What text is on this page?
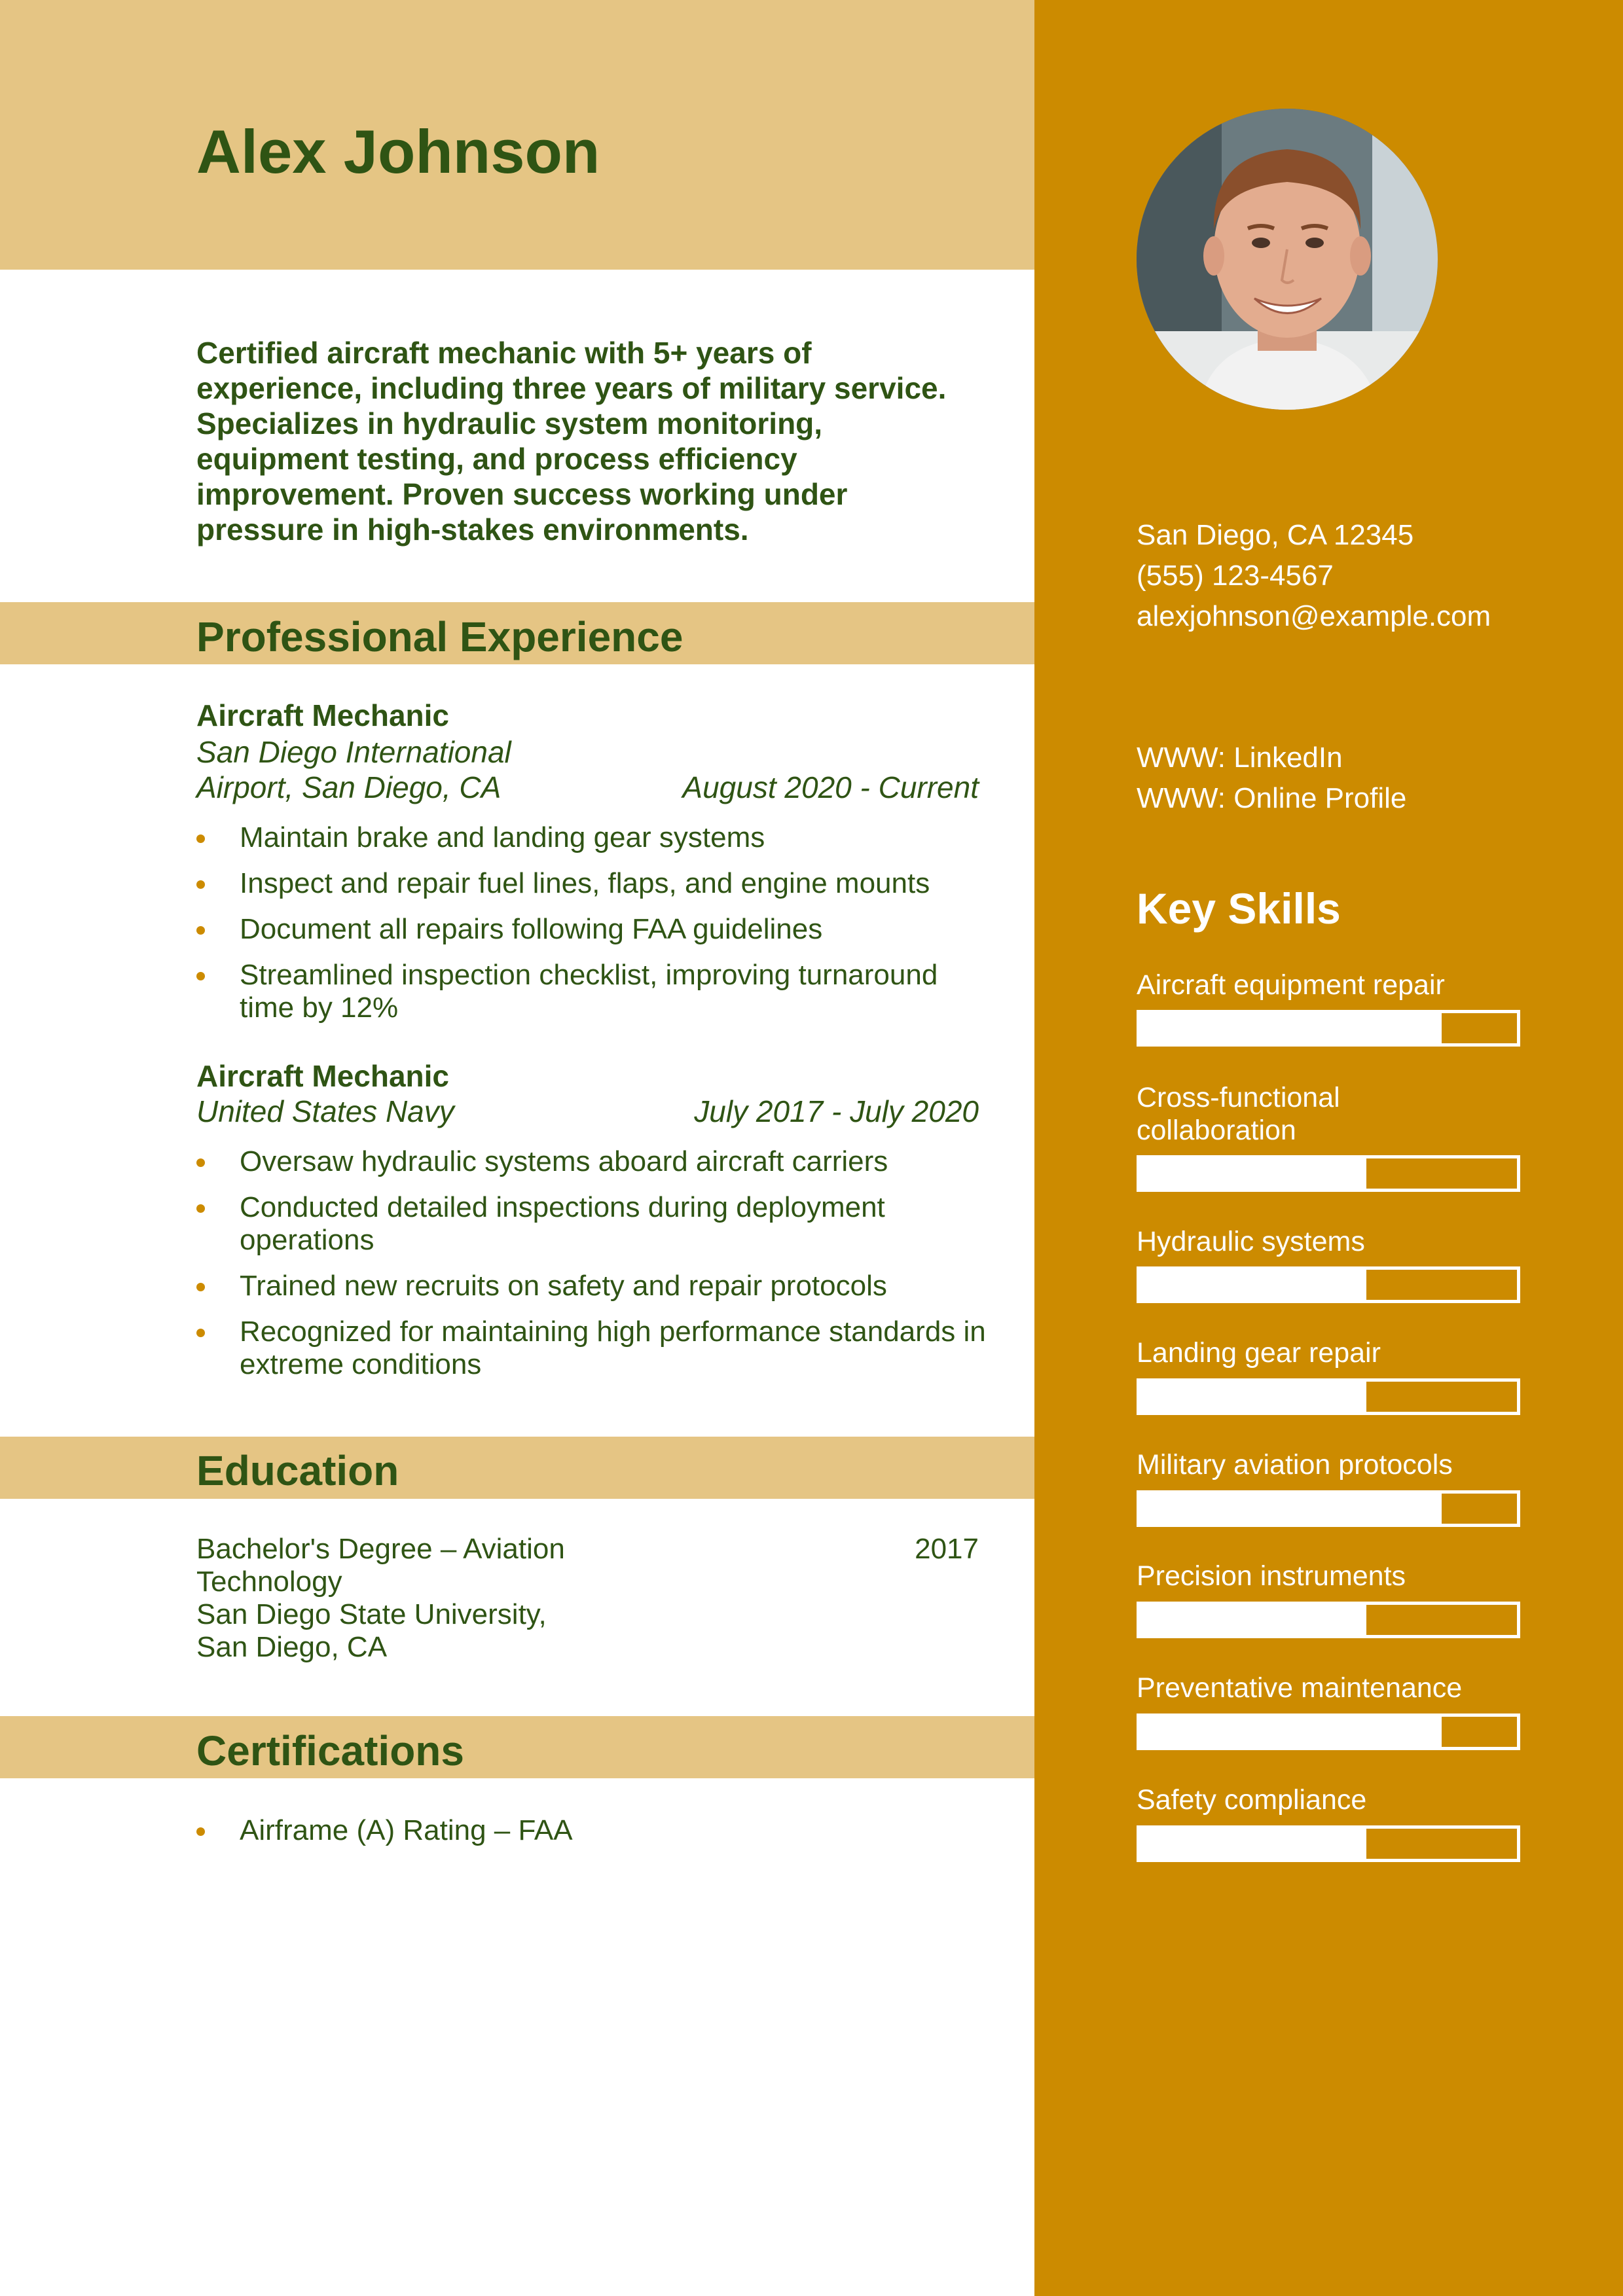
Alex Johnson
Certified aircraft mechanic with 5+ years of experience, including three years of military service. Specializes in hydraulic system monitoring, equipment testing, and process efficiency improvement. Proven success working under pressure in high-stakes environments.
Professional Experience
Aircraft Mechanic
San Diego International
Airport, San Diego, CA	August 2020 - Current
Maintain brake and landing gear systems
Inspect and repair fuel lines, flaps, and engine mounts
Document all repairs following FAA guidelines
Streamlined inspection checklist, improving turnaround time by 12%
Aircraft Mechanic
United States Navy	July 2017 - July 2020
Oversaw hydraulic systems aboard aircraft carriers
Conducted detailed inspections during deployment operations
Trained new recruits on safety and repair protocols
Recognized for maintaining high performance standards in extreme conditions
Education
Bachelor's Degree – Aviation
Technology
San Diego State University,
San Diego, CA
2017
Certifications
Airframe (A) Rating – FAA
San Diego, CA 12345
(555) 123-4567
alexjohnson@example.com
WWW: LinkedIn
WWW: Online Profile
Key Skills
Aircraft equipment repair
Cross-functional collaboration
Hydraulic systems
Landing gear repair
Military aviation protocols
Precision instruments
Preventative maintenance
Safety compliance
